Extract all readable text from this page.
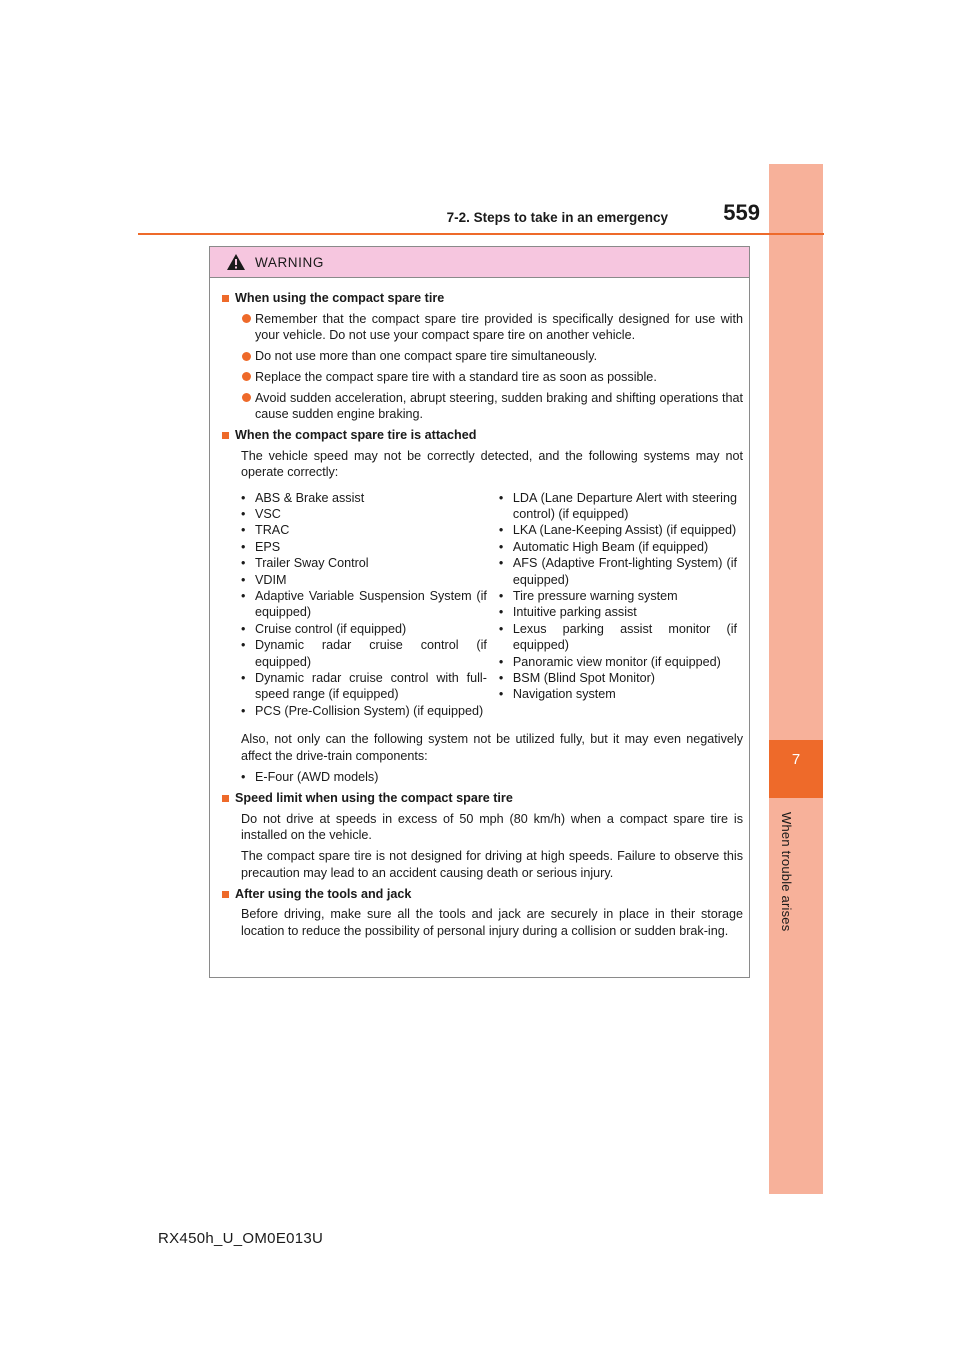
7
When trouble arises
7-2. Steps to take in an emergency	559
WARNING
When using the compact spare tire
Remember that the compact spare tire provided is specifically designed for use with your vehicle. Do not use your compact spare tire on another vehicle.
Do not use more than one compact spare tire simultaneously.
Replace the compact spare tire with a standard tire as soon as possible.
Avoid sudden acceleration, abrupt steering, sudden braking and shifting operations that cause sudden engine braking.
When the compact spare tire is attached
The vehicle speed may not be correctly detected, and the following systems may not operate correctly:
• ABS & Brake assist
• VSC
• TRAC
• EPS
• Trailer Sway Control
• VDIM
• Adaptive Variable Suspension System (if equipped)
• Cruise control (if equipped)
• Dynamic radar cruise control (if equipped)
• Dynamic radar cruise control with full-speed range (if equipped)
• PCS (Pre-Collision System) (if equipped)
• LDA (Lane Departure Alert with steering control) (if equipped)
• LKA (Lane-Keeping Assist) (if equipped)
• Automatic High Beam (if equipped)
• AFS (Adaptive Front-lighting System) (if equipped)
• Tire pressure warning system
• Intuitive parking assist
• Lexus parking assist monitor (if equipped)
• Panoramic view monitor (if equipped)
• BSM (Blind Spot Monitor)
• Navigation system
Also, not only can the following system not be utilized fully, but it may even negatively affect the drive-train components:
• E-Four (AWD models)
Speed limit when using the compact spare tire
Do not drive at speeds in excess of 50 mph (80 km/h) when a compact spare tire is installed on the vehicle.
The compact spare tire is not designed for driving at high speeds. Failure to observe this precaution may lead to an accident causing death or serious injury.
After using the tools and jack
Before driving, make sure all the tools and jack are securely in place in their storage location to reduce the possibility of personal injury during a collision or sudden brak-ing.
RX450h_U_OM0E013U
